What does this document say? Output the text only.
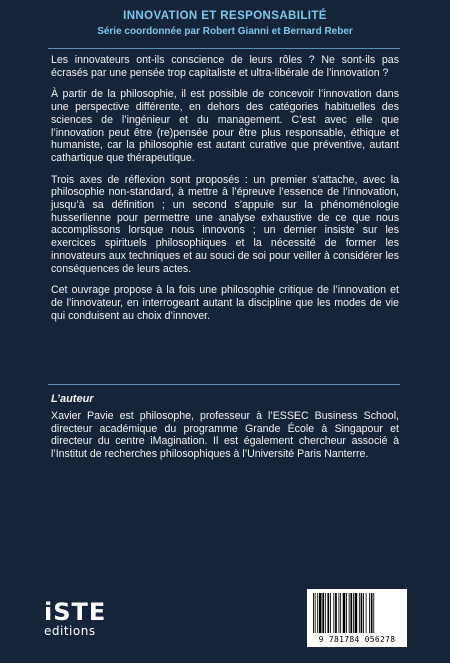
INNOVATION ET RESPONSABILITÉ
Série coordonnée par Robert Gianni et Bernard Reber

Les innovateurs ont-ils conscience de leurs rôles ? Ne sont-ils pas écrasés par une pensée trop capitaliste et ultra-libérale de l’innovation ?

À partir de la philosophie, il est possible de concevoir l’innovation dans une perspective différente, en dehors des catégories habituelles des sciences de l’ingénieur et du management. C’est avec elle que l’innovation peut être (re)pensée pour être plus responsable, éthique et humaniste, car la philosophie est autant curative que préventive, autant cathartique que thérapeutique.

Trois axes de réflexion sont proposés : un premier s’attache, avec la philosophie non-standard, à mettre à l’épreuve l’essence de l’innovation, jusqu’à sa définition ; un second s’appuie sur la phénoménologie husserlienne pour permettre une analyse exhaustive de ce que nous accomplissons lorsque nous innovons ; un dernier insiste sur les exercices spirituels philosophiques et la nécessité de former les innovateurs aux techniques et au souci de soi pour veiller à considérer les conséquences de leurs actes.

Cet ouvrage propose à la fois une philosophie critique de l’innovation et de l’innovateur, en interrogeant autant la discipline que les modes de vie qui conduisent au choix d’innover.

L’auteur
Xavier Pavie est philosophe, professeur à l’ESSEC Business School, directeur académique du programme Grande École à Singapour et directeur du centre iMagination. Il est également chercheur associé à l’Institut de recherches philosophiques à l’Université Paris Nanterre.
iSTE
editions
9 781784 056278
